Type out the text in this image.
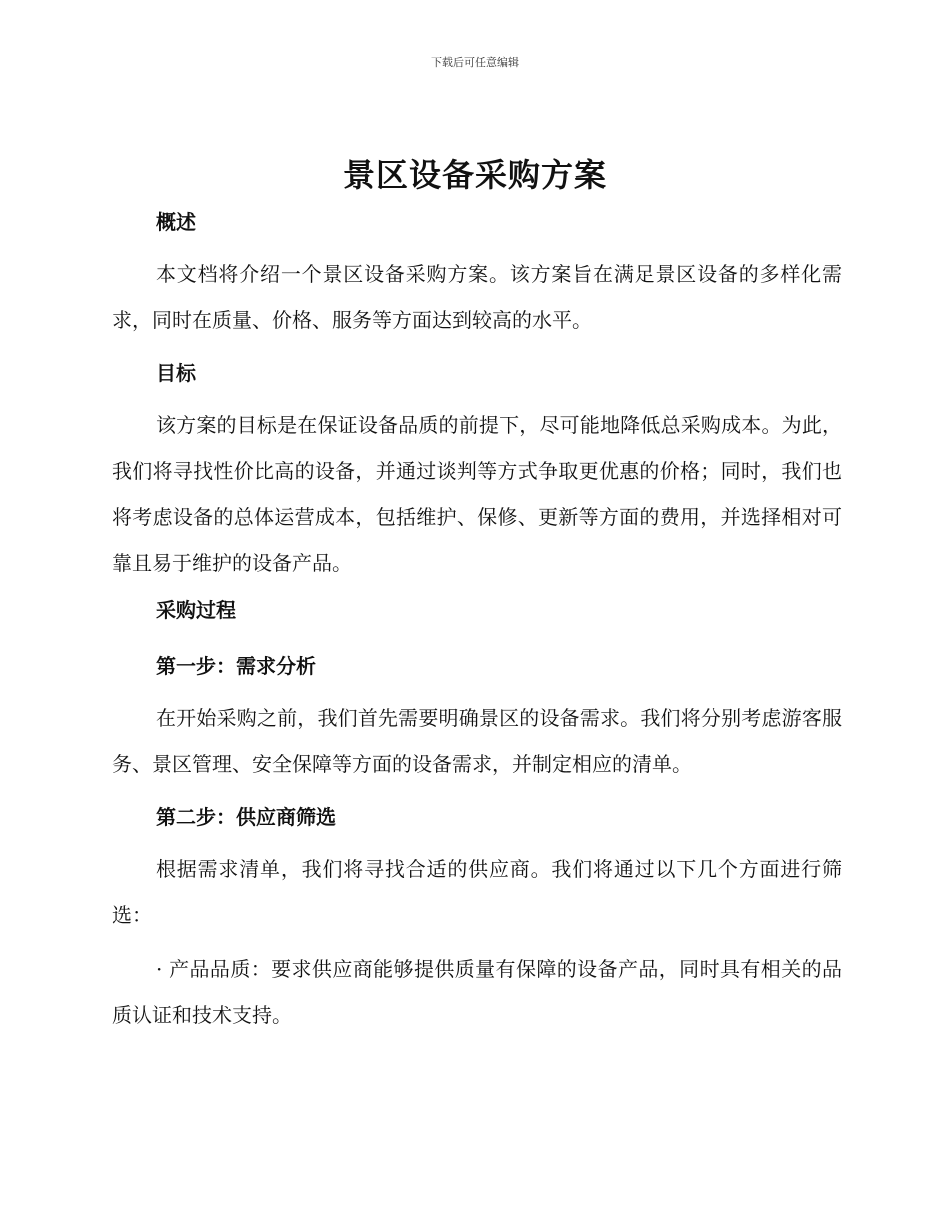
下载后可任意编辑
景区设备采购方案
概述

本文档将介绍一个景区设备采购方案。该方案旨在满足景区设备的多样化需求，同时在质量、价格、服务等方面达到较高的水平。

目标

该方案的目标是在保证设备品质的前提下，尽可能地降低总采购成本。为此，我们将寻找性价比高的设备，并通过谈判等方式争取更优惠的价格；同时，我们也将考虑设备的总体运营成本，包括维护、保修、更新等方面的费用，并选择相对可靠且易于维护的设备产品。

采购过程
第一步：需求分析

在开始采购之前，我们首先需要明确景区的设备需求。我们将分别考虑游客服务、景区管理、安全保障等方面的设备需求，并制定相应的清单。

第二步：供应商筛选

根据需求清单，我们将寻找合适的供应商。我们将通过以下几个方面进行筛选：

· 产品品质：要求供应商能够提供质量有保障的设备产品，同时具有相关的品质认证和技术支持。
